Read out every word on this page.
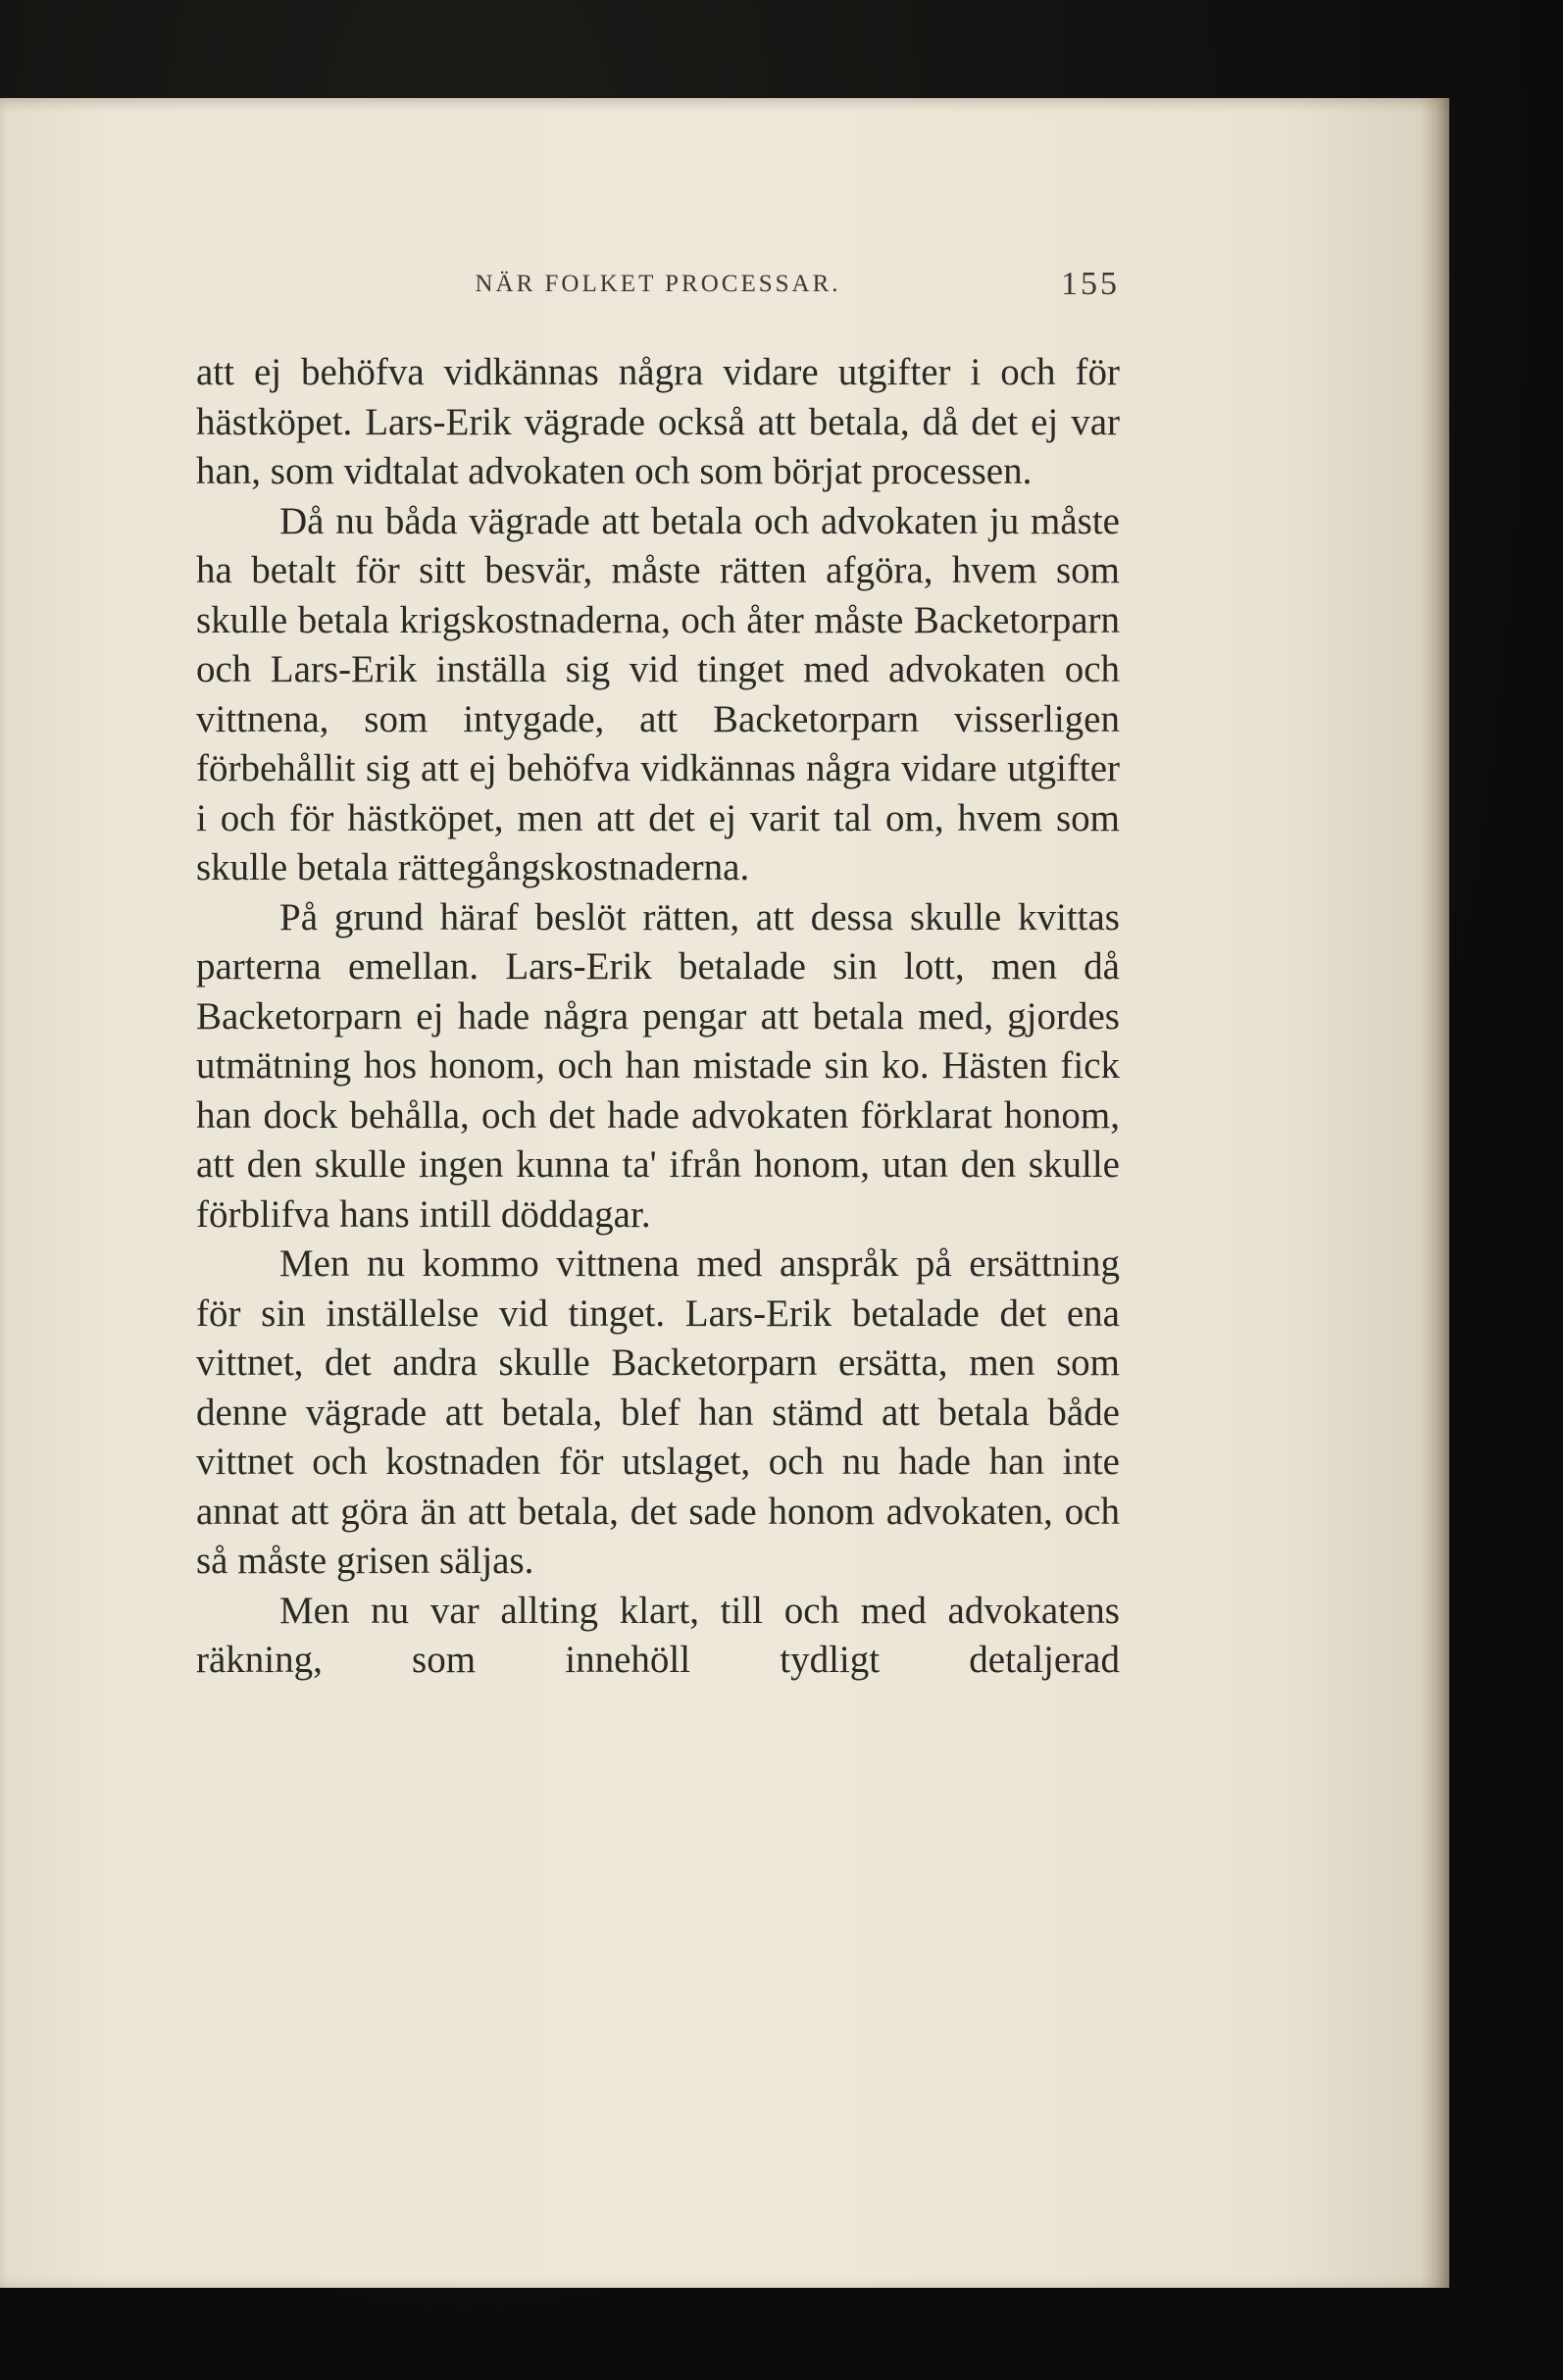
NÄR FOLKET PROCESSAR.	155

att ej behöfva vidkännas några vidare utgifter i och för hästköpet. Lars-Erik vägrade också att betala, då det ej var han, som vidtalat advokaten och som börjat processen.

Då nu båda vägrade att betala och advokaten ju måste ha betalt för sitt besvär, måste rätten afgöra, hvem som skulle betala krigskostnaderna, och åter måste Backetorparn och Lars-Erik inställa sig vid tinget med advokaten och vittnena, som intygade, att Backetorparn visserligen förbehållit sig att ej behöfva vidkännas några vidare utgifter i och för hästköpet, men att det ej varit tal om, hvem som skulle betala rättegångskostnaderna.

På grund häraf beslöt rätten, att dessa skulle kvittas parterna emellan. Lars-Erik betalade sin lott, men då Backetorparn ej hade några pengar att betala med, gjordes utmätning hos honom, och han mistade sin ko. Hästen fick han dock behålla, och det hade advokaten förklarat honom, att den skulle ingen kunna ta' ifrån honom, utan den skulle förblifva hans intill döddagar.

Men nu kommo vittnena med anspråk på ersättning för sin inställelse vid tinget. Lars-Erik betalade det ena vittnet, det andra skulle Backetorparn ersätta, men som denne vägrade att betala, blef han stämd att betala både vittnet och kostnaden för utslaget, och nu hade han inte annat att göra än att betala, det sade honom advokaten, och så måste grisen säljas.

Men nu var allting klart, till och med advokatens räkning, som innehöll tydligt detaljerad
